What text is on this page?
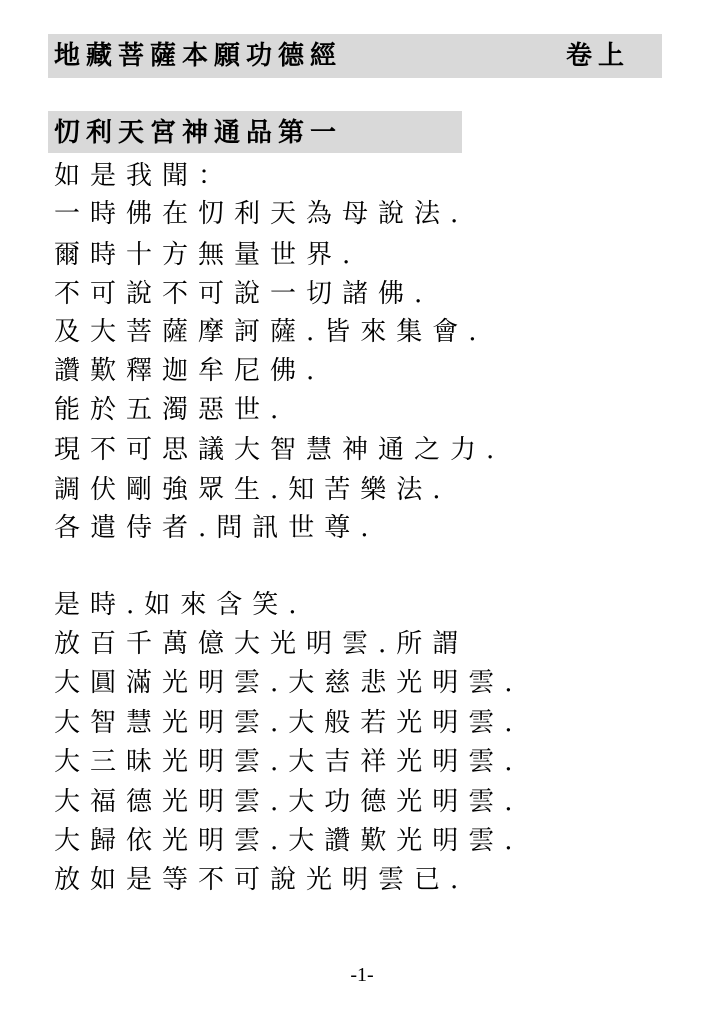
地藏菩薩本願功德經	卷上
忉利天宮神通品第一
如是我聞：
一時佛在忉利天為母說法.
爾時十方無量世界.
不可說不可說一切諸佛.
及大菩薩摩訶薩.皆來集會.
讚歎釋迦牟尼佛.
能於五濁惡世.
現不可思議大智慧神通之力.
調伏剛強眾生.知苦樂法.
各遣侍者.問訊世尊.
是時.如來含笑.
放百千萬億大光明雲.所謂
大圓滿光明雲.大慈悲光明雲.
大智慧光明雲.大般若光明雲.
大三昧光明雲.大吉祥光明雲.
大福德光明雲.大功德光明雲.
大歸依光明雲.大讚歎光明雲.
放如是等不可說光明雲已.
-1-
